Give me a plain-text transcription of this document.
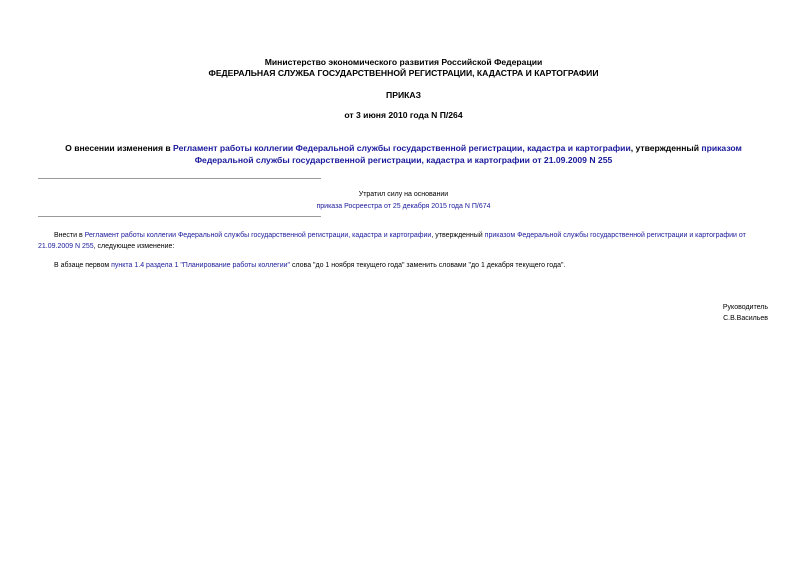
Министерство экономического развития Российской Федерации
ФЕДЕРАЛЬНАЯ СЛУЖБА ГОСУДАРСТВЕННОЙ РЕГИСТРАЦИИ, КАДАСТРА И КАРТОГРАФИИ
ПРИКАЗ
от 3 июня 2010 года N П/264
О внесении изменения в Регламент работы коллегии Федеральной службы государственной регистрации, кадастра и картографии, утвержденный приказом Федеральной службы государственной регистрации, кадастра и картографии от 21.09.2009 N 255
Утратил силу на основании
приказа Росреестра от 25 декабря 2015 года N П/674
Внести в Регламент работы коллегии Федеральной службы государственной регистрации, кадастра и картографии, утвержденный приказом Федеральной службы государственной регистрации и картографии от 21.09.2009 N 255, следующее изменение:
В абзаце первом пункта 1.4 раздела 1 "Планирование работы коллегии" слова "до 1 ноября текущего года" заменить словами "до 1 декабря текущего года".
Руководитель
С.В.Васильев
